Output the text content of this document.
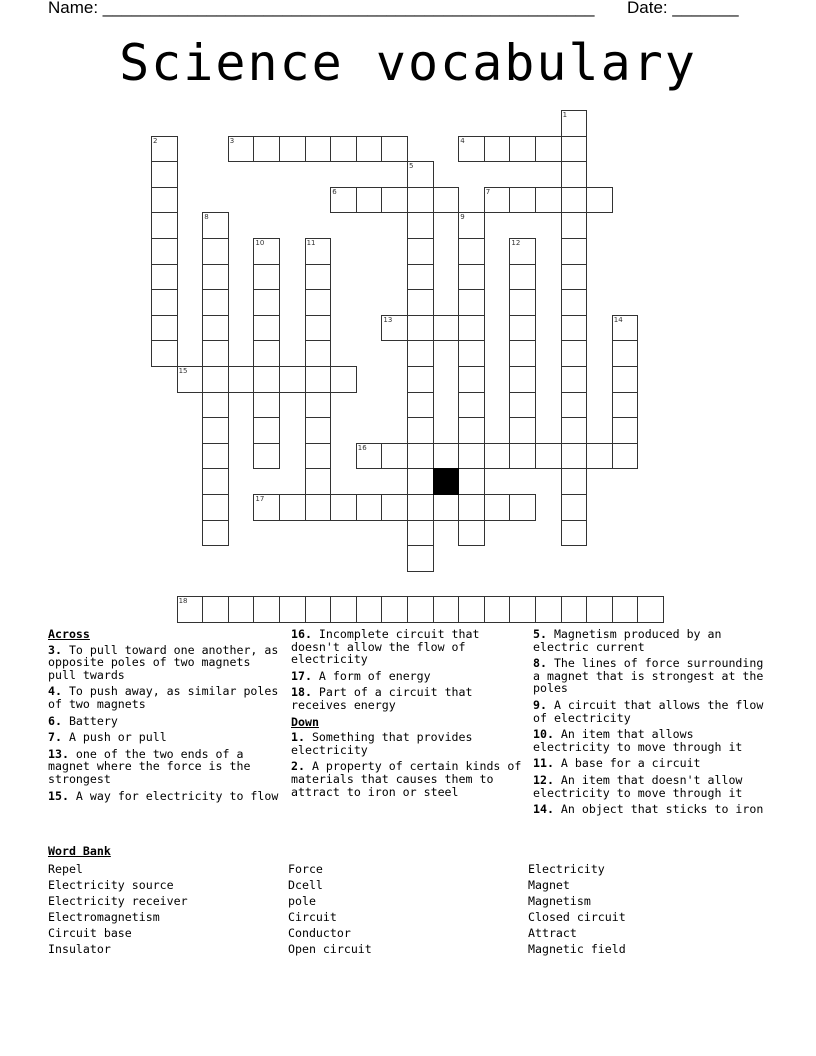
Name: ____________________________________________________ Date: _______
Science vocabulary
1
2	3	4
5
6	7
8	9
10	11	12
13	14
15
16
17
18
Across
3. To pull toward one another, as opposite poles of two magnets pull twards
4. To push away, as similar poles of two magnets
6. Battery
7. A push or pull
13. one of the two ends of a magnet where the force is the strongest
15. A way for electricity to flow
16. Incomplete circuit that doesn't allow the flow of electricity
17. A form of energy
18. Part of a circuit that receives energy
Down
1. Something that provides electricity
2. A property of certain kinds of materials that causes them to attract to iron or steel
5. Magnetism produced by an electric current
8. The lines of force surrounding a magnet that is strongest at the poles
9. A circuit that allows the flow of electricity
10. An item that allows electricity to move through it
11. A base for a circuit
12. An item that doesn't allow electricity to move through it
14. An object that sticks to iron
Word Bank
Repel
Electricity source
Electricity receiver
Electromagnetism
Circuit base
Insulator
Force
Dcell
pole
Circuit
Conductor
Open circuit
Electricity
Magnet
Magnetism
Closed circuit
Attract
Magnetic field
